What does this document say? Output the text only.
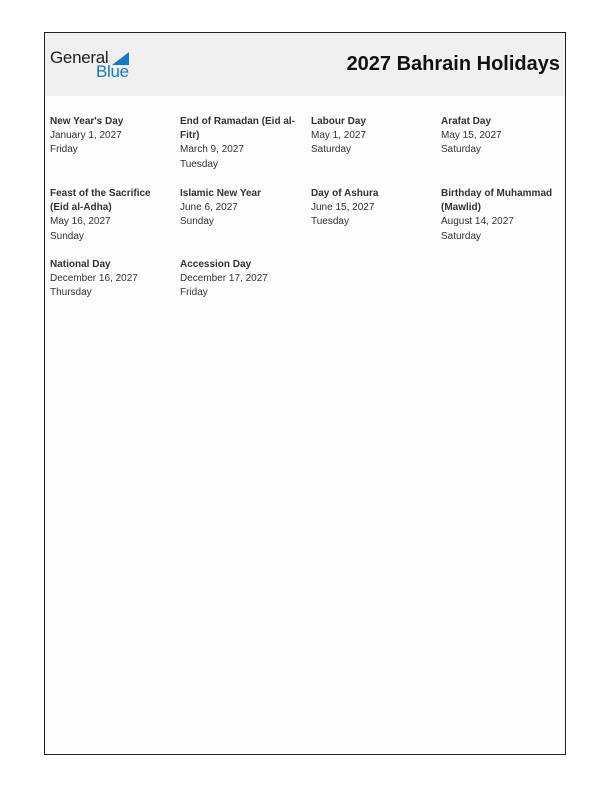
General
Blue	2027 Bahrain Holidays
New Year's Day
January 1, 2027
Friday
End of Ramadan (Eid al-Fitr)
March 9, 2027
Tuesday
Labour Day
May 1, 2027
Saturday
Arafat Day
May 15, 2027
Saturday
Feast of the Sacrifice (Eid al-Adha)
May 16, 2027
Sunday
Islamic New Year
June 6, 2027
Sunday
Day of Ashura
June 15, 2027
Tuesday
Birthday of Muhammad (Mawlid)
August 14, 2027
Saturday
National Day
December 16, 2027
Thursday
Accession Day
December 17, 2027
Friday
